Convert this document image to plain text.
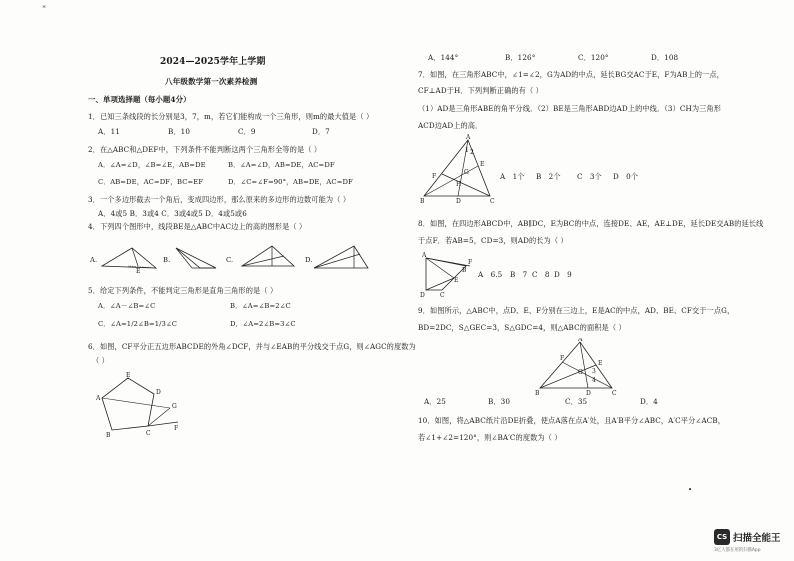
2024—2025学年上学期
八年级数学第一次素养检测
一、单项选择题（每小题4分）
1．已知三条线段的长分别是3，7，m，若它们能构成一个三角形，则m的最大值是（ ）
A．11	B．10	C．9	D．7
2．在△ABC和△DEF中，下列条件不能判断这两个三角形全等的是（ ）
A．∠A=∠D，∠B=∠E，AB=DE	B．∠A=∠D，AB=DE，AC=DF
C．AB=DE，AC=DF，BC=EF	D．∠C=∠F=90°，AB=DE，AC=DF
3．一个多边形截去一个角后，变成四边形，那么原来的多边形的边数可能为（ ）
A．4或5 B．3或4 C．3或4或5 D．4或5或6
4．下列四个图形中，线段BE是△ABC中AC边上的高的图形是（ ）
A.	B.	C.	D.
E
5．给定下列条件，不能判定三角形是直角三角形的是（ ）
A．∠A－∠B=∠C	B．∠A=∠B=2∠C
C．∠A=1/2∠B=1/3∠C	D．∠A=2∠B=3∠C
6．如图，CF平分正五边形ABCDE的外角∠DCF，并与∠EAB的平分线交于点G，则∠AGC的度数为
（ ）
E
A
D
B	C
F
G
A．144°	B．126°	C．120°	D．108
7．如图，在三角形ABC中，∠1=∠2，G为AD的中点，延长BG交AC于E，F为AB上的一点，
CF⊥AD于H．下列判断正确的有（ ）
（1）AD是三角形ABE的角平分线．（2）BE是三角形ABD边AD上的中线．（3）CH为三角形
ACD边AD上的高．
A
E
G
F
H
B	D	C
1 2
A　1个 B　2个 C　3个 D　0个
8．如图，在四边形ABCD中，AB∥DC，E为BC的中点，连接DE、AE，AE⊥DE，延长DE交AB的延长线
于点F．若AB=5，CD=3，则AD的长为（ ）
A
F
B
E
D	C
A　6.5 B　7 C　8 D　9
9．如图所示，△ABC中，点D、E、F分别在三边上，E是AC的中点，AD、BE、CF交于一点G，
BD=2DC，S△GEC=3，S△GDC=4，则△ABC的面积是（ ）
A
F
E
G 3
4
B	D	C
A．25	B．30	C．35	D．4
10．如图，将△ABC纸片沿DE折叠，使点A落在点A′处，且A′B平分∠ABC，A′C平分∠ACB，
若∠1+∠2=120°，则∠BA′C的度数为（ ）
•
×
CS 扫描全能王
3亿人都在用的扫描App
